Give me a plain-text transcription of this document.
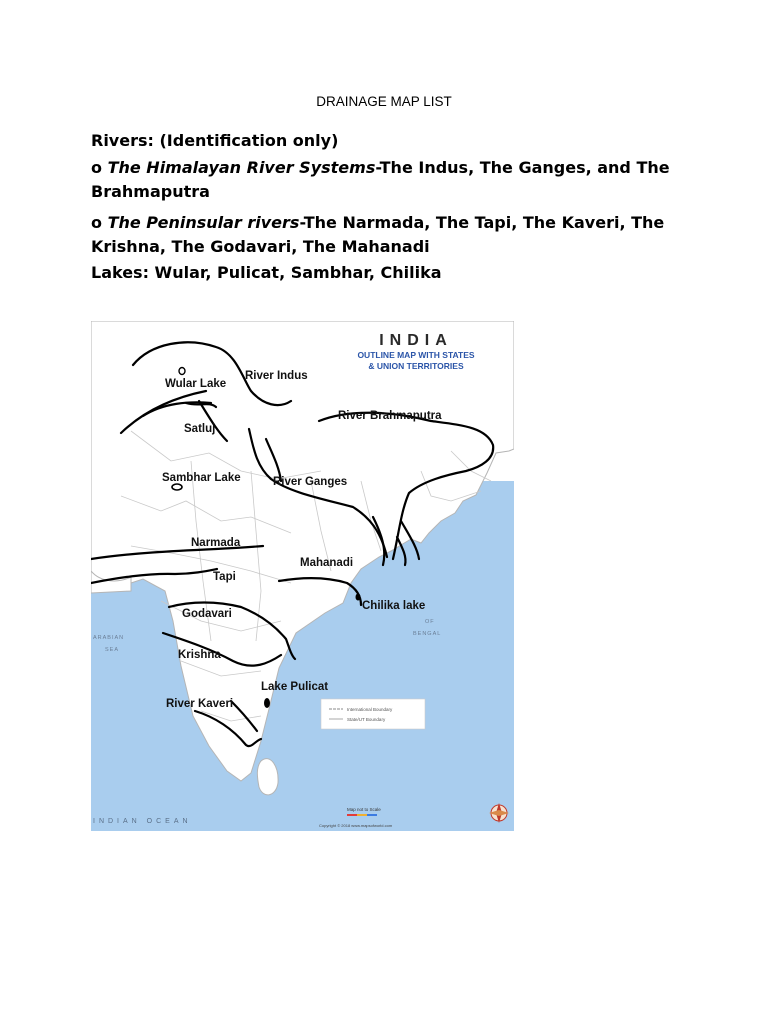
DRAINAGE MAP LIST
Rivers: (Identification only)
o The Himalayan River Systems-The Indus, The Ganges, and The
Brahmaputra
o The Peninsular rivers-The Narmada, The Tapi, The Kaveri, The
Krishna, The Godavari, The Mahanadi
Lakes: Wular, Pulicat, Sambhar, Chilika
Wular Lake
River Indus
River Brahmaputra
Satluj
Sambhar Lake	River Ganges
Narmada
Mahanadi
Tapi
Chilika lake
Godavari
Krishna
Lake Pulicat
River Kaveri
INDIA
OUTLINE MAP WITH STATES
& UNION TERRITORIES
ARABIAN
SEA
OF
BENGAL
INDIAN OCEAN
International Boundary
State/UT Boundary
Map not to Scale
Copyright © 2018 www.mapsofworld.com
